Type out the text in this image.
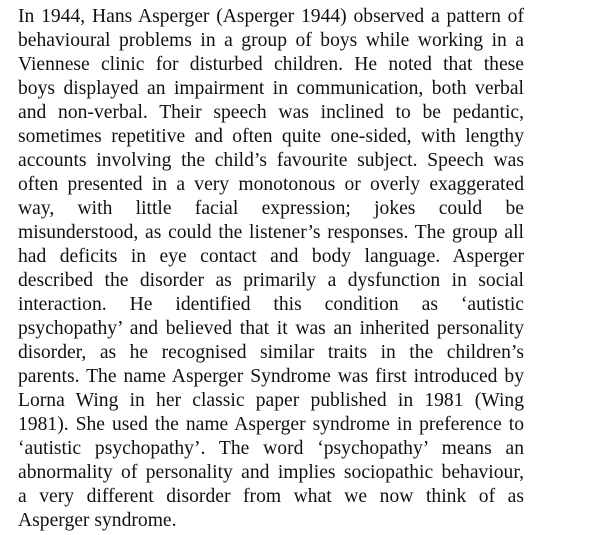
In 1944, Hans Asperger (Asperger 1944) observed a pattern of
behavioural problems in a group of boys while working in a
Viennese clinic for disturbed children. He noted that these
boys displayed an impairment in communication, both verbal
and non-verbal. Their speech was inclined to be pedantic,
sometimes repetitive and often quite one-sided, with lengthy
accounts involving the child’s favourite subject. Speech was
often presented in a very monotonous or overly exaggerated
way, with little facial expression; jokes could be
misunderstood, as could the listener’s responses. The group all
had deficits in eye contact and body language. Asperger
described the disorder as primarily a dysfunction in social
interaction. He identified this condition as ‘autistic
psychopathy’ and believed that it was an inherited personality
disorder, as he recognised similar traits in the children’s
parents. The name Asperger Syndrome was first introduced by
Lorna Wing in her classic paper published in 1981 (Wing
1981). She used the name Asperger syndrome in preference to
‘autistic psychopathy’. The word ‘psychopathy’ means an
abnormality of personality and implies sociopathic behaviour,
a very different disorder from what we now think of as
Asperger syndrome.
